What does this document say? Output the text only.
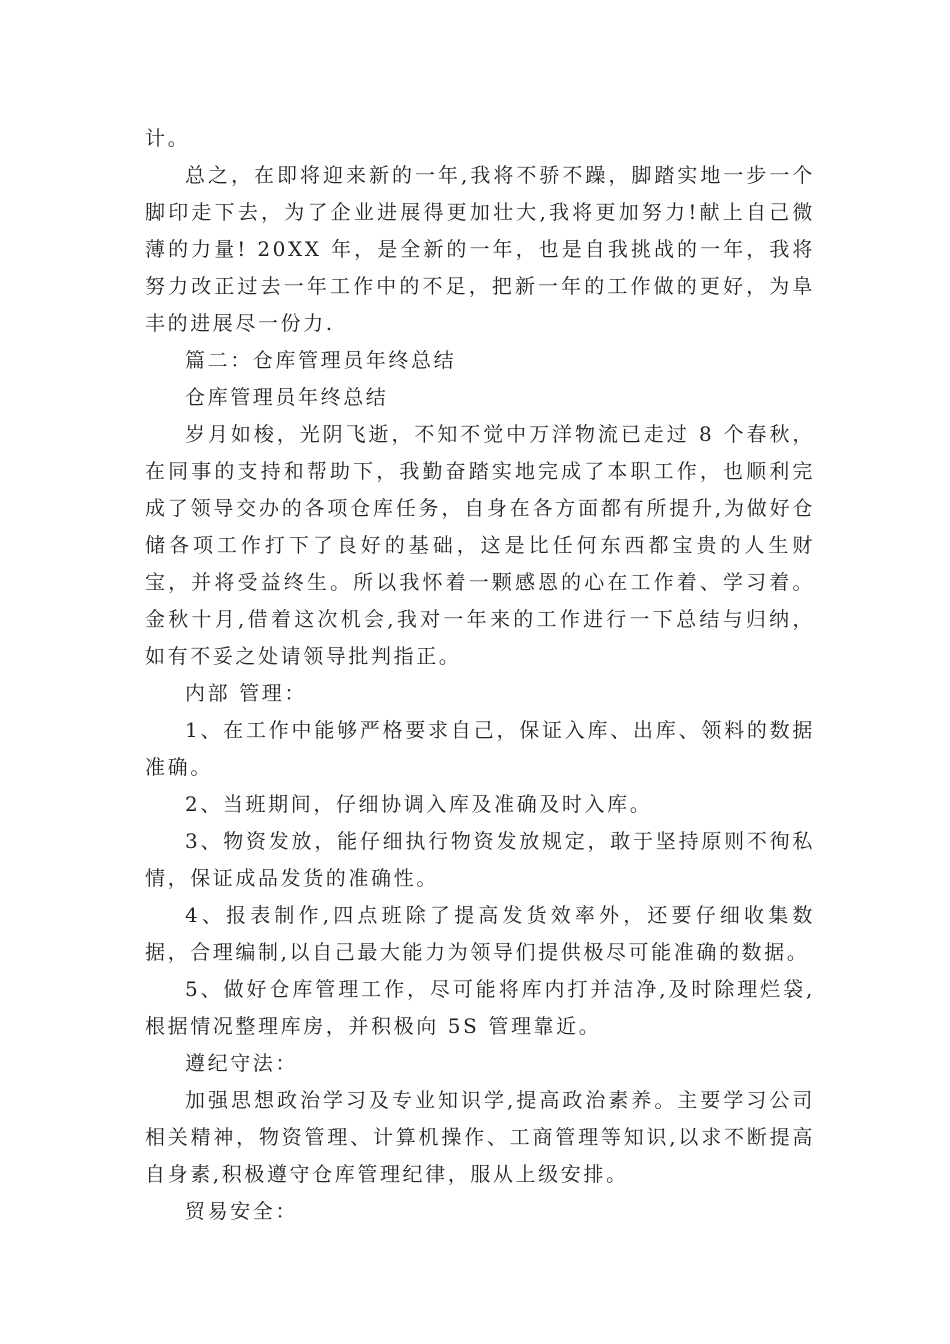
计。

总之，在即将迎来新的一年,我将不骄不躁，脚踏实地一步一个脚印走下去，为了企业进展得更加壮大,我将更加努力!献上自己微薄的力量! 20XX 年，是全新的一年，也是自我挑战的一年，我将努力改正过去一年工作中的不足，把新一年的工作做的更好，为阜丰的进展尽一份力.

篇二：仓库管理员年终总结

仓库管理员年终总结

岁月如梭，光阴飞逝，不知不觉中万洋物流已走过 8 个春秋，在同事的支持和帮助下，我勤奋踏实地完成了本职工作，也顺利完成了领导交办的各项仓库任务，自身在各方面都有所提升,为做好仓储各项工作打下了良好的基础，这是比任何东西都宝贵的人生财宝，并将受益终生。所以我怀着一颗感恩的心在工作着、学习着。金秋十月,借着这次机会,我对一年来的工作进行一下总结与归纳，如有不妥之处请领导批判指正。

内部 管理：

1、在工作中能够严格要求自己，保证入库、出库、领料的数据准确。

2、当班期间，仔细协调入库及准确及时入库。

3、物资发放，能仔细执行物资发放规定，敢于坚持原则不徇私情，保证成品发货的准确性。

4、报表制作,四点班除了提高发货效率外，还要仔细收集数据，合理编制,以自己最大能力为领导们提供极尽可能准确的数据。

5、做好仓库管理工作，尽可能将库内打并洁净,及时除理烂袋,根据情况整理库房，并积极向 5S 管理靠近。

遵纪守法：

加强思想政治学习及专业知识学,提高政治素养。主要学习公司相关精神，物资管理、计算机操作、工商管理等知识,以求不断提高自身素,积极遵守仓库管理纪律，服从上级安排。

贸易安全：
